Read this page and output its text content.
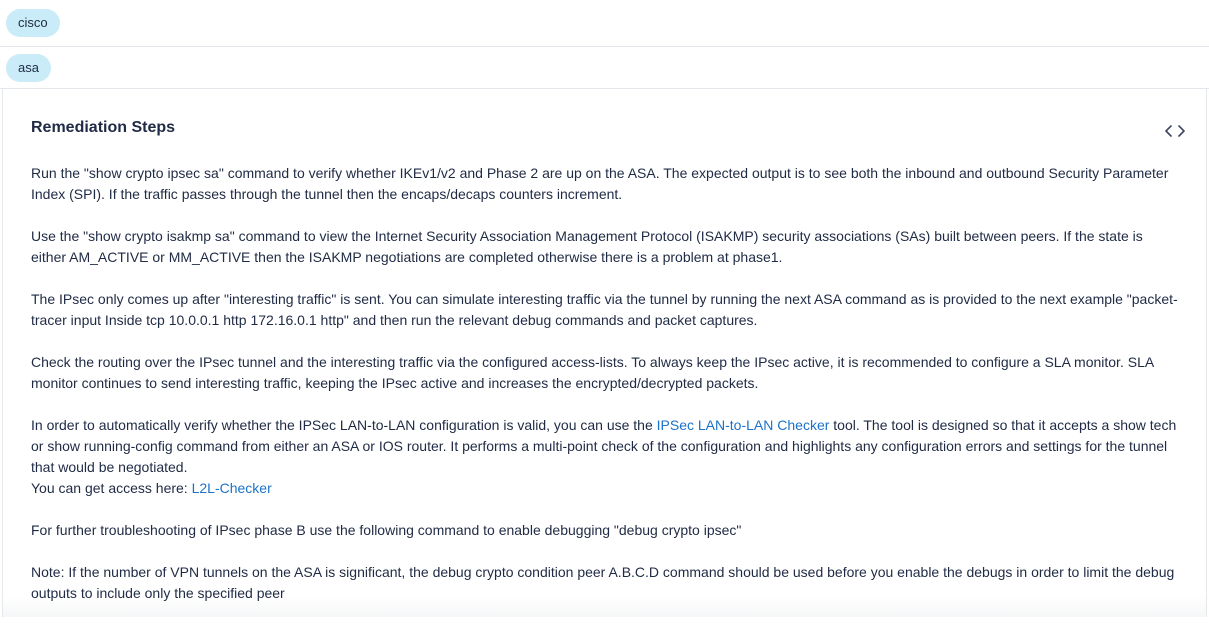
cisco
asa
Remediation Steps

Run the "show crypto ipsec sa" command to verify whether IKEv1/v2 and Phase 2 are up on the ASA. The expected output is to see both the inbound and outbound Security Parameter Index (SPI). If the traffic passes through the tunnel then the encaps/decaps counters increment.

Use the "show crypto isakmp sa" command to view the Internet Security Association Management Protocol (ISAKMP) security associations (SAs) built between peers. If the state is either AM_ACTIVE or MM_ACTIVE then the ISAKMP negotiations are completed otherwise there is a problem at phase1.

The IPsec only comes up after "interesting traffic" is sent. You can simulate interesting traffic via the tunnel by running the next ASA command as is provided to the next example "packet-tracer input Inside tcp 10.0.0.1 http 172.16.0.1 http" and then run the relevant debug commands and packet captures.

Check the routing over the IPsec tunnel and the interesting traffic via the configured access-lists. To always keep the IPsec active, it is recommended to configure a SLA monitor. SLA monitor continues to send interesting traffic, keeping the IPsec active and increases the encrypted/decrypted packets.

In order to automatically verify whether the IPSec LAN-to-LAN configuration is valid, you can use the IPSec LAN-to-LAN Checker tool. The tool is designed so that it accepts a show tech or show running-config command from either an ASA or IOS router. It performs a multi-point check of the configuration and highlights any configuration errors and settings for the tunnel that would be negotiated.

You can get access here: L2L-Checker

For further troubleshooting of IPsec phase B use the following command to enable debugging "debug crypto ipsec"

Note: If the number of VPN tunnels on the ASA is significant, the debug crypto condition peer A.B.C.D command should be used before you enable the debugs in order to limit the debug outputs to include only the specified peer
